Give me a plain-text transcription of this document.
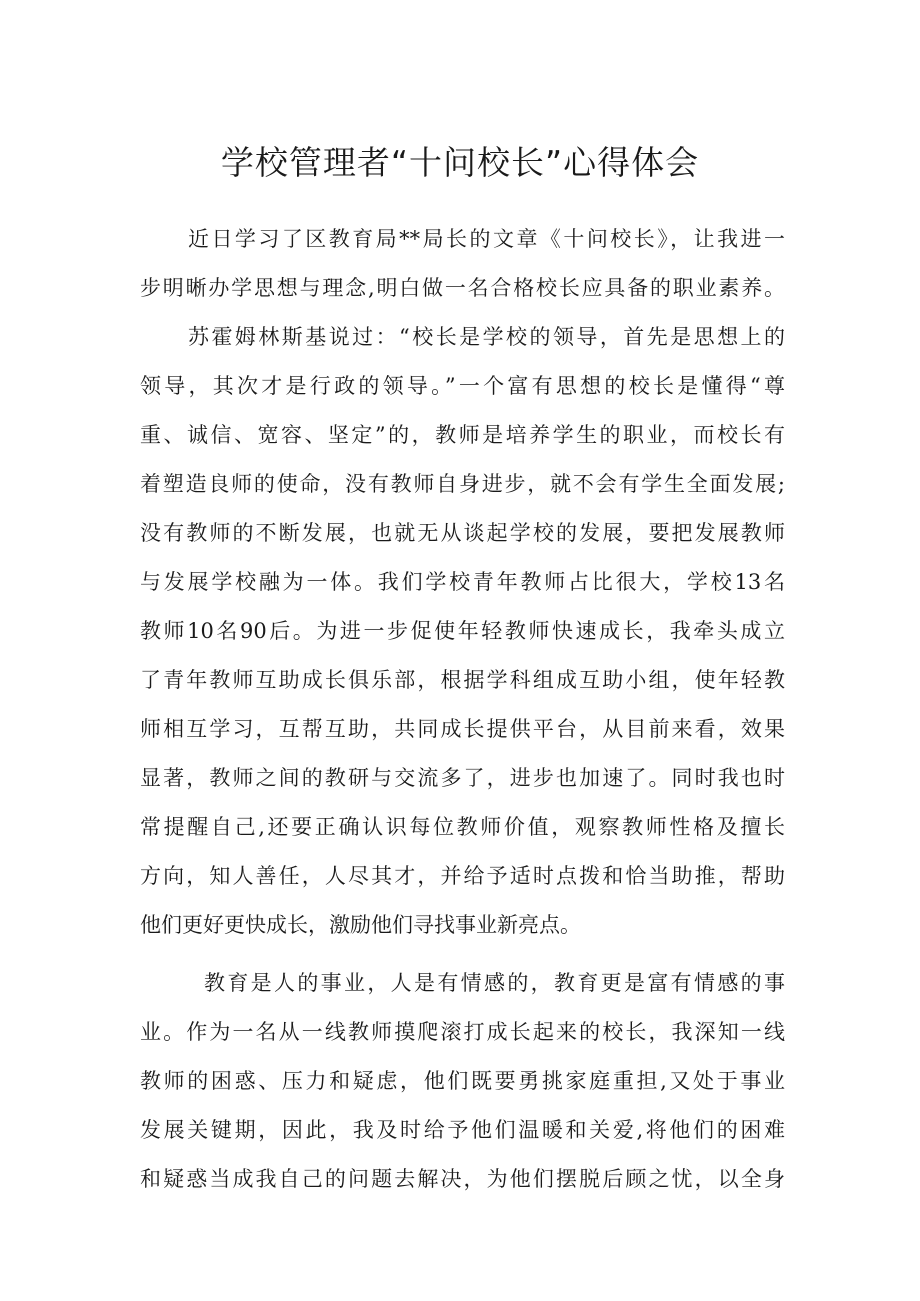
学校管理者“十问校长”心得体会
近日学习了区教育局**局长的文章《十问校长》，让我进一
步明晰办学思想与理念,明白做一名合格校长应具备的职业素养。
苏霍姆林斯基说过：“校长是学校的领导，首先是思想上的
领导，其次才是行政的领导。”一个富有思想的校长是懂得“尊
重、诚信、宽容、坚定”的，教师是培养学生的职业，而校长有
着塑造良师的使命，没有教师自身进步，就不会有学生全面发展;
没有教师的不断发展，也就无从谈起学校的发展，要把发展教师
与发展学校融为一体。我们学校青年教师占比很大，学校13名
教师10名90后。为进一步促使年轻教师快速成长，我牵头成立
了青年教师互助成长俱乐部，根据学科组成互助小组，使年轻教
师相互学习，互帮互助，共同成长提供平台，从目前来看，效果
显著，教师之间的教研与交流多了，进步也加速了。同时我也时
常提醒自己,还要正确认识每位教师价值，观察教师性格及擅长
方向，知人善任，人尽其才，并给予适时点拨和恰当助推，帮助
他们更好更快成长，激励他们寻找事业新亮点。
教育是人的事业，人是有情感的，教育更是富有情感的事
业。作为一名从一线教师摸爬滚打成长起来的校长，我深知一线
教师的困惑、压力和疑虑，他们既要勇挑家庭重担,又处于事业
发展关键期，因此，我及时给予他们温暖和关爱,将他们的困难
和疑惑当成我自己的问题去解决，为他们摆脱后顾之忧，以全身
